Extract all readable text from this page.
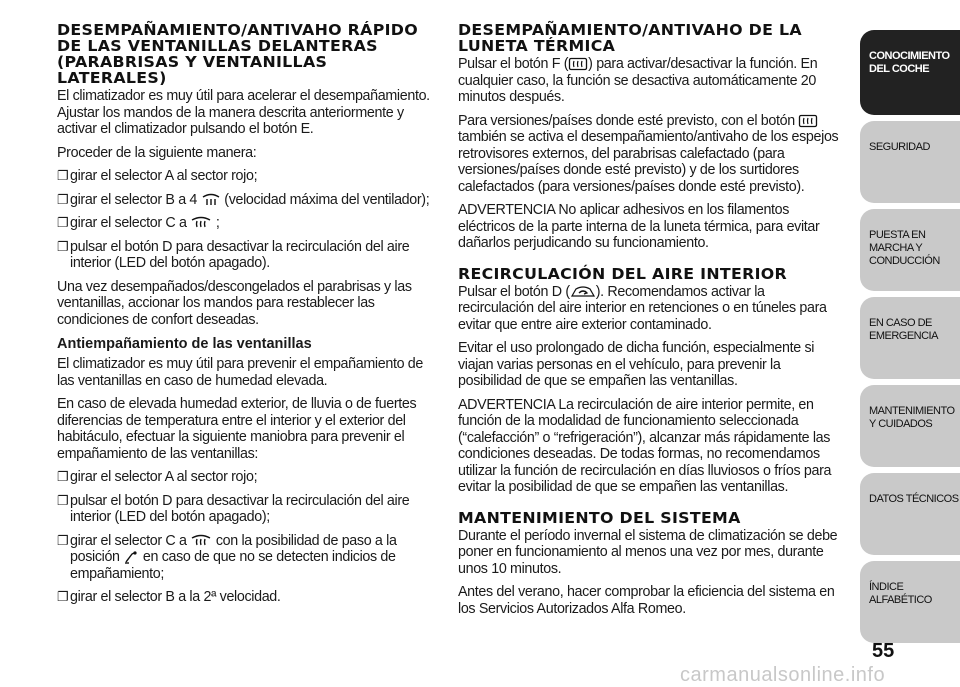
DESEMPAÑAMIENTO/ANTIVAHO RÁPIDO DE LAS VENTANILLAS DELANTERAS (PARABRISAS Y VENTANILLAS LATERALES)

El climatizador es muy útil para acelerar el desempañamiento. Ajustar los mandos de la manera descrita anteriormente y activar el climatizador pulsando el botón E.

Proceder de la siguiente manera:

❐ girar el selector A al sector rojo;
❐ girar el selector B a 4 (velocidad máxima del ventilador);
❐ girar el selector C a ;
❐ pulsar el botón D para desactivar la recirculación del aire interior (LED del botón apagado).

Una vez desempañados/descongelados el parabrisas y las ventanillas, accionar los mandos para restablecer las condiciones de confort deseadas.

Antiempañamiento de las ventanillas

El climatizador es muy útil para prevenir el empañamiento de las ventanillas en caso de humedad elevada.

En caso de elevada humedad exterior, de lluvia o de fuertes diferencias de temperatura entre el interior y el exterior del habitáculo, efectuar la siguiente maniobra para prevenir el empañamiento de las ventanillas:

❐ girar el selector A al sector rojo;
❐ pulsar el botón D para desactivar la recirculación del aire interior (LED del botón apagado);
❐ girar el selector C a con la posibilidad de paso a la posición en caso de que no se detecten indicios de empañamiento;
❐ girar el selector B a la 2ª velocidad.
DESEMPAÑAMIENTO/ANTIVAHO DE LA LUNETA TÉRMICA

Pulsar el botón F ( ) para activar/desactivar la función. En cualquier caso, la función se desactiva automáticamente 20 minutos después.

Para versiones/países donde esté previsto, con el botón  también se activa el desempañamiento/antivaho de los espejos retrovisores externos, del parabrisas calefactado (para versiones/países donde esté previsto) y de los surtidores calefactados (para versiones/países donde esté previsto).

ADVERTENCIA No aplicar adhesivos en los filamentos eléctricos de la parte interna de la luneta térmica, para evitar dañarlos perjudicando su funcionamiento.

RECIRCULACIÓN DEL AIRE INTERIOR

Pulsar el botón D ( ). Recomendamos activar la recirculación del aire interior en retenciones o en túneles para evitar que entre aire exterior contaminado.

Evitar el uso prolongado de dicha función, especialmente si viajan varias personas en el vehículo, para prevenir la posibilidad de que se empañen las ventanillas.

ADVERTENCIA La recirculación de aire interior permite, en función de la modalidad de funcionamiento seleccionada (“calefacción” o “refrigeración”), alcanzar más rápidamente las condiciones deseadas. De todas formas, no recomendamos utilizar la función de recirculación en días lluviosos o fríos para evitar la posibilidad de que se empañen las ventanillas.

MANTENIMIENTO DEL SISTEMA

Durante el período invernal el sistema de climatización se debe poner en funcionamiento al menos una vez por mes, durante unos 10 minutos.

Antes del verano, hacer comprobar la eficiencia del sistema en los Servicios Autorizados Alfa Romeo.

CONOCIMIENTO DEL COCHE
SEGURIDAD
PUESTA EN MARCHA Y CONDUCCIÓN
EN CASO DE EMERGENCIA
MANTENIMIENTO Y CUIDADOS
DATOS TÉCNICOS
ÍNDICE ALFABÉTICO
55
carmanualsonline.info
